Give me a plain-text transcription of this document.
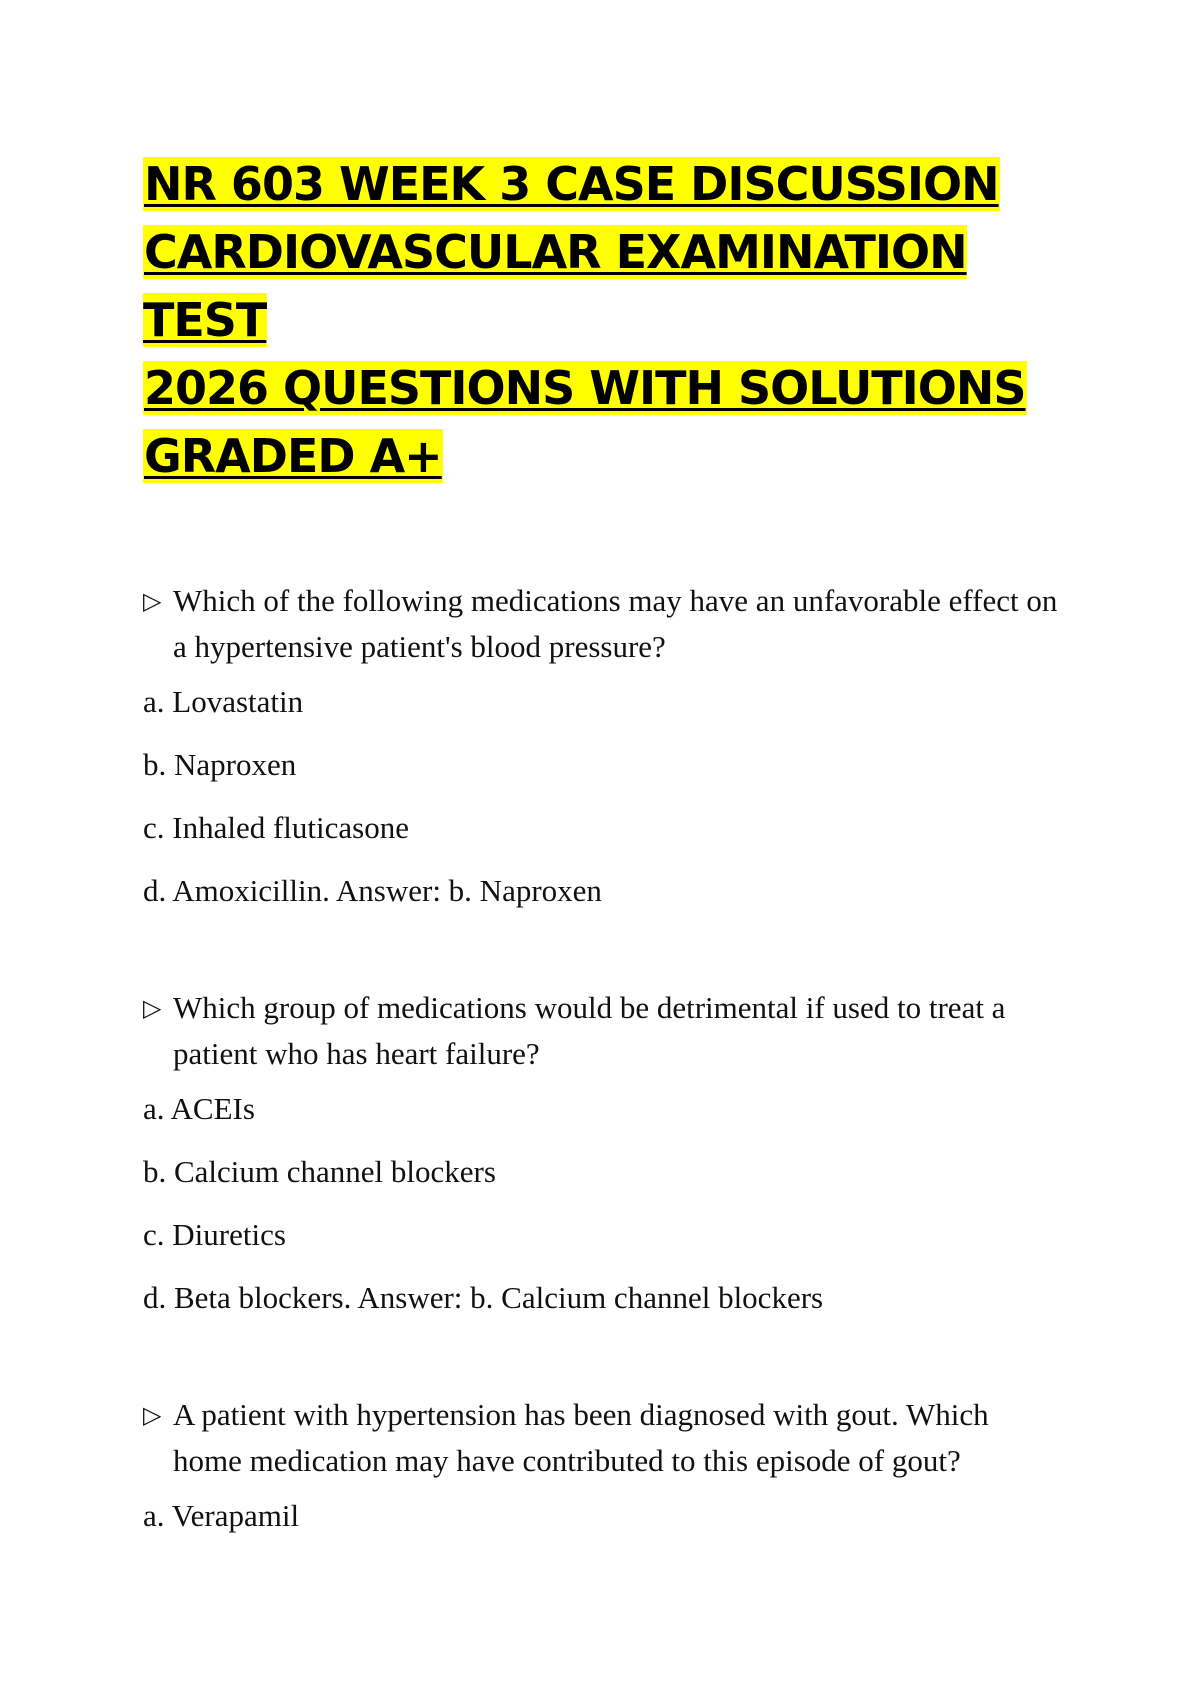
NR 603 WEEK 3 CASE DISCUSSION
CARDIOVASCULAR EXAMINATION TEST
2026 QUESTIONS WITH SOLUTIONS
GRADED A+

▷ Which of the following medications may have an unfavorable effect on a hypertensive patient's blood pressure?

a. Lovastatin
b. Naproxen
c. Inhaled fluticasone
d. Amoxicillin. Answer: b. Naproxen

▷ Which group of medications would be detrimental if used to treat a patient who has heart failure?

a. ACEIs
b. Calcium channel blockers
c. Diuretics
d. Beta blockers. Answer: b. Calcium channel blockers

▷ A patient with hypertension has been diagnosed with gout. Which home medication may have contributed to this episode of gout?

a. Verapamil
